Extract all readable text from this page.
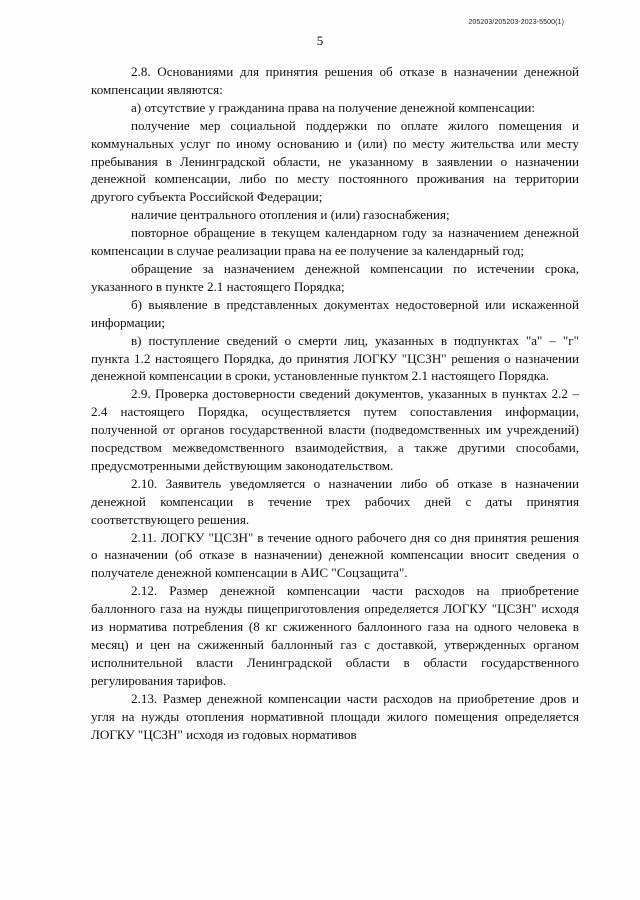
205203/205203-2023-5500(1)
5

2.8. Основаниями для принятия решения об отказе в назначении денежной компенсации являются:

а) отсутствие у гражданина права на получение денежной компенсации:

получение мер социальной поддержки по оплате жилого помещения и коммунальных услуг по иному основанию и (или) по месту жительства или месту пребывания в Ленинградской области, не указанному в заявлении о назначении денежной компенсации, либо по месту постоянного проживания на территории другого субъекта Российской Федерации;

наличие центрального отопления и (или) газоснабжения;

повторное обращение в текущем календарном году за назначением денежной компенсации в случае реализации права на ее получение за календарный год;

обращение за назначением денежной компенсации по истечении срока, указанного в пункте 2.1 настоящего Порядка;

б) выявление в представленных документах недостоверной или искаженной информации;

в) поступление сведений о смерти лиц, указанных в подпунктах "а" – "г" пункта 1.2 настоящего Порядка, до принятия ЛОГКУ "ЦСЗН" решения о назначении денежной компенсации в сроки, установленные пунктом 2.1 настоящего Порядка.

2.9. Проверка достоверности сведений документов, указанных в пунктах 2.2 – 2.4 настоящего Порядка, осуществляется путем сопоставления информации, полученной от органов государственной власти (подведомственных им учреждений) посредством межведомственного взаимодействия, а также другими способами, предусмотренными действующим законодательством.

2.10. Заявитель уведомляется о назначении либо об отказе в назначении денежной компенсации в течение трех рабочих дней с даты принятия соответствующего решения.

2.11. ЛОГКУ "ЦСЗН" в течение одного рабочего дня со дня принятия решения о назначении (об отказе в назначении) денежной компенсации вносит сведения о получателе денежной компенсации в АИС "Соцзащита".

2.12. Размер денежной компенсации части расходов на приобретение баллонного газа на нужды пищеприготовления определяется ЛОГКУ "ЦСЗН" исходя из норматива потребления (8 кг сжиженного баллонного газа на одного человека в месяц) и цен на сжиженный баллонный газ с доставкой, утвержденных органом исполнительной власти Ленинградской области в области государственного регулирования тарифов.

2.13. Размер денежной компенсации части расходов на приобретение дров и угля на нужды отопления нормативной площади жилого помещения определяется ЛОГКУ "ЦСЗН" исходя из годовых нормативов
